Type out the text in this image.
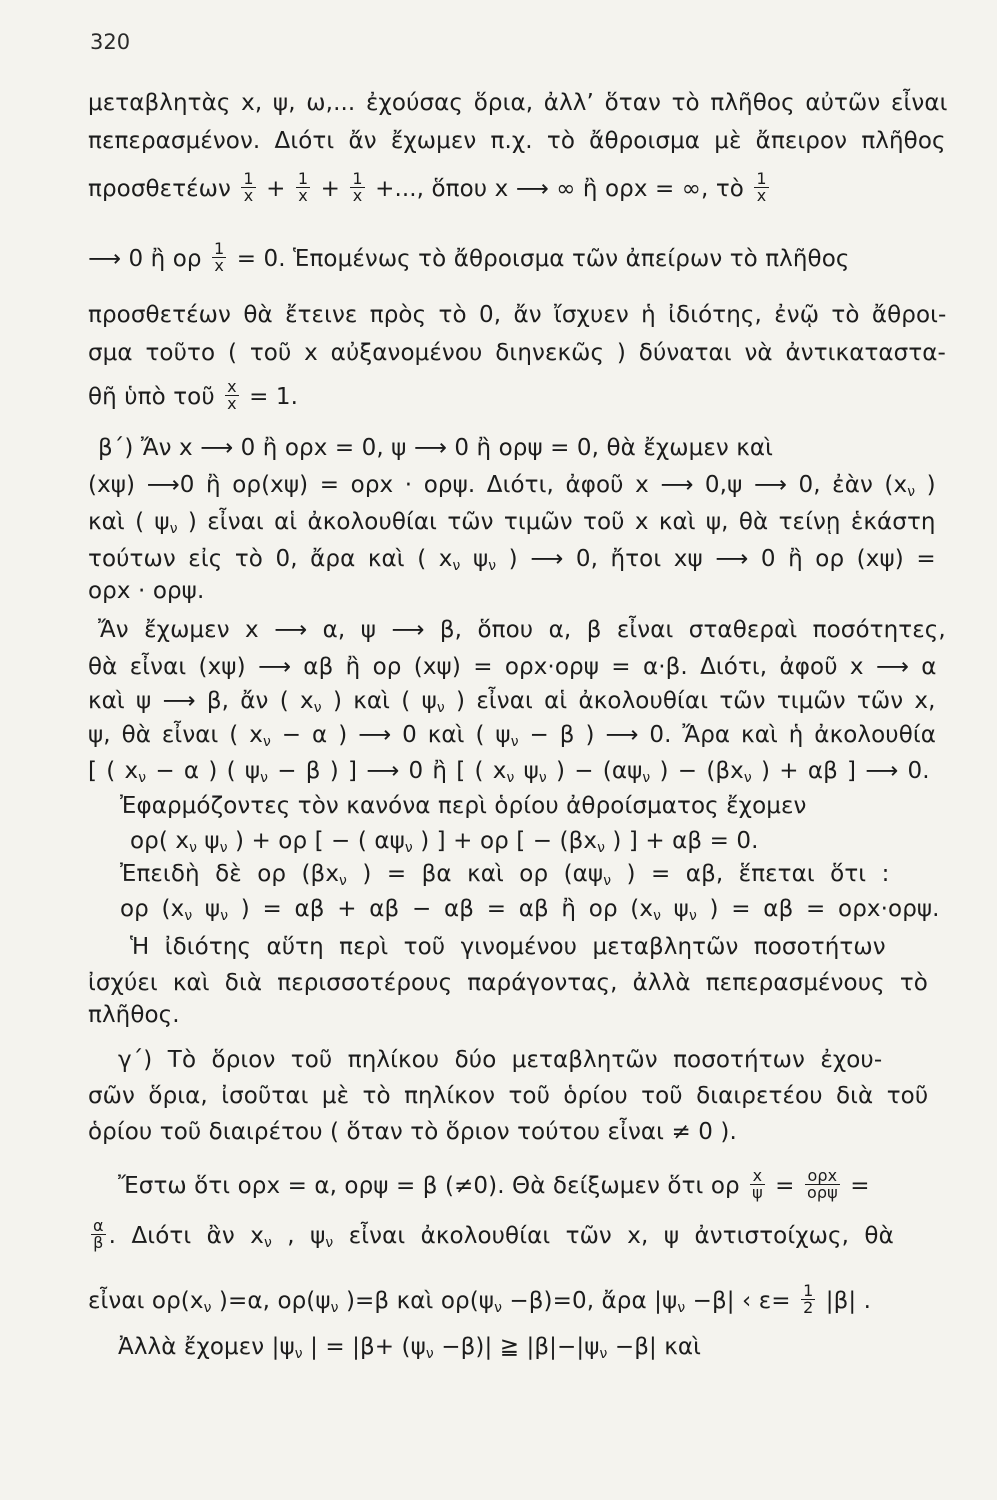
320
μεταβλητὰς x, ψ, ω,... ἐχούσας ὅρια, ἀλλ’ ὅταν τὸ πλῆθος αὐτῶν εἶναι
πεπερασμένον. Διότι ἄν ἔχωμεν π.χ. τὸ ἄθροισμα μὲ ἄπειρον πλῆθος
προσθετέων $\frac{1}{x} + \frac{1}{x} + \frac{1}{x}$ +..., ὅπου x ⟶ ∞ ἢ ορx = ∞, τὸ $\frac{1}{x}$
⟶ 0 ἢ ορ $\frac{1}{x} = 0$. Ἑπομένως τὸ ἄθροισμα τῶν ἀπείρων τὸ πλῆθος
προσθετέων θὰ ἔτεινε πρὸς τὸ 0, ἄν ἴσχυεν ἡ ἰδιότης, ἐνῷ τὸ ἄθροι-
σμα τοῦτο ( τοῦ x αὐξανομένου διηνεκῶς ) δύναται νὰ ἀντικαταστα-
θῆ ὑπὸ τοῦ $\frac{x}{x} = 1$.
β΄) Ἄν x ⟶ 0 ἢ ορx = 0, ψ ⟶ 0 ἢ ορψ = 0, θὰ ἔχωμεν καὶ
(xψ) ⟶0 ἢ ορ(xψ) = ορx · ορψ. Διότι, ἀφοῦ x ⟶ 0,ψ ⟶ 0, ἐὰν ($x_\nu$ )
καὶ ( $\psi_\nu$ ) εἶναι αἱ ἀκολουθίαι τῶν τιμῶν τοῦ x καὶ ψ, θὰ τείνῃ ἑκάστη
τούτων εἰς τὸ 0, ἄρα καὶ ( $x_\nu$ $\psi_\nu$ ) ⟶ 0, ἤτοι xψ ⟶ 0 ἢ ορ (xψ) =
ορx · ορψ.
Ἄν ἔχωμεν x ⟶ α, ψ ⟶ β, ὅπου α, β εἶναι σταθεραὶ ποσότητες,
θὰ εἶναι (xψ) ⟶ αβ ἢ ορ (xψ) = ορx·ορψ = α·β. Διότι, ἀφοῦ x ⟶ α
καὶ ψ ⟶ β, ἄν ( $x_\nu$ ) καὶ ( $\psi_\nu$ ) εἶναι αἱ ἀκολουθίαι τῶν τιμῶν τῶν x,
ψ, θὰ εἶναι ( $x_\nu - \alpha$ ) ⟶ 0 καὶ ( $\psi_\nu - \beta$ ) ⟶ 0. Ἄρα καὶ ἡ ἀκολουθία
[ ( $x_\nu - \alpha$ ) ( $\psi_\nu - \beta$ ) ] ⟶ 0 ἢ [ ( $x_\nu$ $\psi_\nu$ ) − ($\alpha\psi_\nu$ ) − ($\beta x_\nu$ ) + αβ ] ⟶ 0.
Ἐφαρμόζοντες τὸν κανόνα περὶ ὁρίου ἀθροίσματος ἔχομεν
ορ( $x_\nu$ $\psi_\nu$ ) + ορ [ − ( $\alpha\psi_\nu$ ) ] + ορ [ − ($\beta x_\nu$ ) ] + αβ = 0.
Ἐπειδὴ δὲ ορ ($\beta x_\nu$ ) = βα καὶ ορ ($\alpha\psi_\nu$ ) = αβ, ἕπεται ὅτι :
ορ ($x_\nu$ $\psi_\nu$ ) = αβ + αβ − αβ = αβ ἢ ορ ($x_\nu$ $\psi_\nu$ ) = αβ = ορx·ορψ.
Ἡ ἰδιότης αὕτη περὶ τοῦ γινομένου μεταβλητῶν ποσοτήτων
ἰσχύει καὶ διὰ περισσοτέρους παράγοντας, ἀλλὰ πεπερασμένους τὸ
πλῆθος.
γ΄) Τὸ ὅριον τοῦ πηλίκου δύο μεταβλητῶν ποσοτήτων ἐχου-
σῶν ὅρια, ἰσοῦται μὲ τὸ πηλίκον τοῦ ὁρίου τοῦ διαιρετέου διὰ τοῦ
ὁρίου τοῦ διαιρέτου ( ὅταν τὸ ὅριον τούτου εἶναι ≠ 0 ).
Ἔστω ὅτι ορx = α, ορψ = β (≠0). Θὰ δείξωμεν ὅτι ορ $\frac{x}{\psi} = \frac{\text{ορx}}{\text{ορψ}}$ =
$\frac{\alpha}{\beta}$ . Διότι ἂν $x_\nu$ , $\psi_\nu$ εἶναι ἀκολουθίαι τῶν x, ψ ἀντιστοίχως, θὰ
εἶναι $o\rho(x_\nu$ )=α, $o\rho(\psi_\nu$ )=β καὶ $o\rho(\psi_\nu -\beta)=0$, ἄρα $|\psi_\nu -\beta|$ ‹ $\varepsilon= \frac{1}{2} |\beta|$ .
Ἀλλὰ ἔχομεν $|\psi_\nu$ | = $|\beta+ (\psi_\nu -\beta)|$ ≧ $|\beta|-|\psi_\nu -\beta|$ καὶ
